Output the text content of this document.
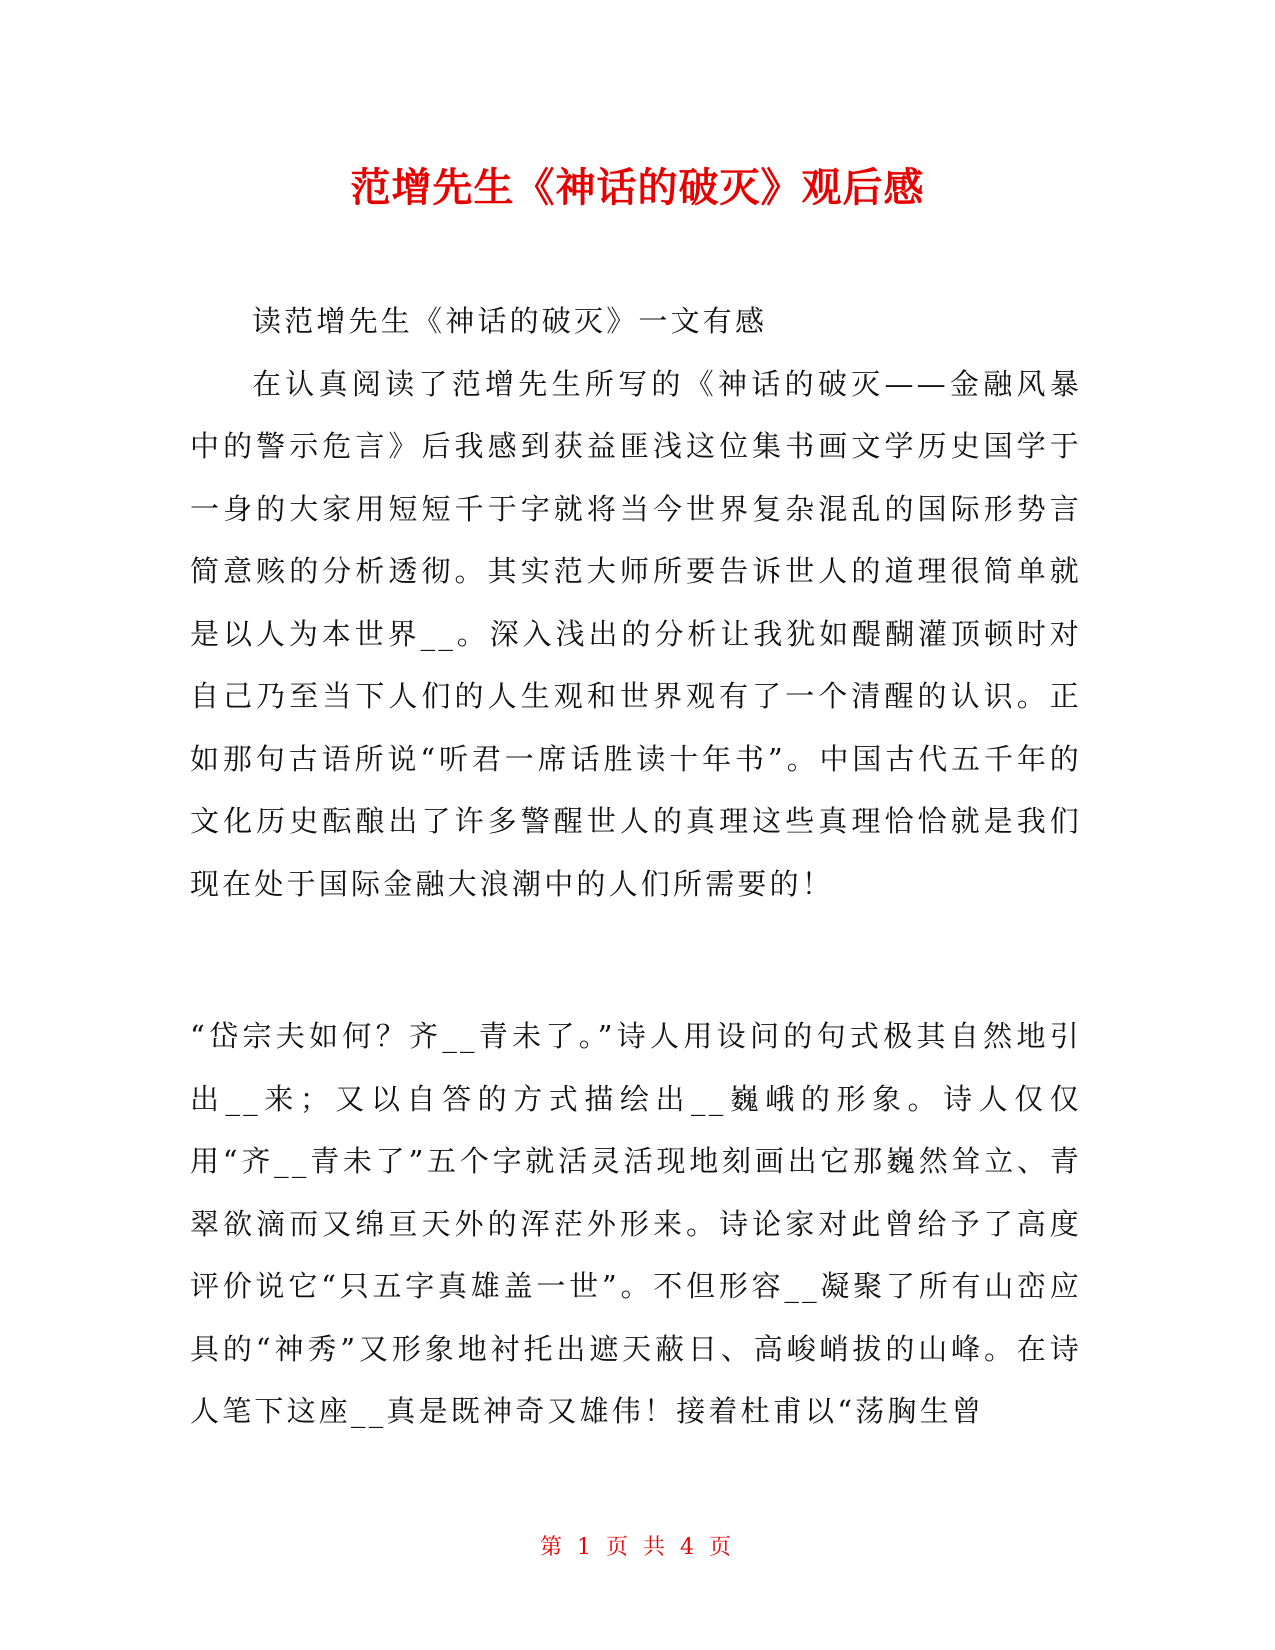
范增先生《神话的破灭》观后感

读范增先生《神话的破灭》一文有感

在认真阅读了范增先生所写的《神话的破灭——金融风暴中的警示危言》后我感到获益匪浅这位集书画文学历史国学于一身的大家用短短千于字就将当今世界复杂混乱的国际形势言简意赅的分析透彻。其实范大师所要告诉世人的道理很简单就是以人为本世界__。深入浅出的分析让我犹如醍醐灌顶顿时对自己乃至当下人们的人生观和世界观有了一个清醒的认识。正如那句古语所说“听君一席话胜读十年书”。中国古代五千年的文化历史酝酿出了许多警醒世人的真理这些真理恰恰就是我们现在处于国际金融大浪潮中的人们所需要的！

“岱宗夫如何？齐__青未了。”诗人用设问的句式极其自然地引出__来；又以自答的方式描绘出__巍峨的形象。诗人仅仅用“齐__青未了”五个字就活灵活现地刻画出它那巍然耸立、青翠欲滴而又绵亘天外的浑茫外形来。诗论家对此曾给予了高度评价说它“只五字真雄盖一世”。不但形容__凝聚了所有山峦应具的“神秀”又形象地衬托出遮天蔽日、高峻峭拔的山峰。在诗人笔下这座__真是既神奇又雄伟！接着杜甫以“荡胸生曾

第 1 页 共 4 页
